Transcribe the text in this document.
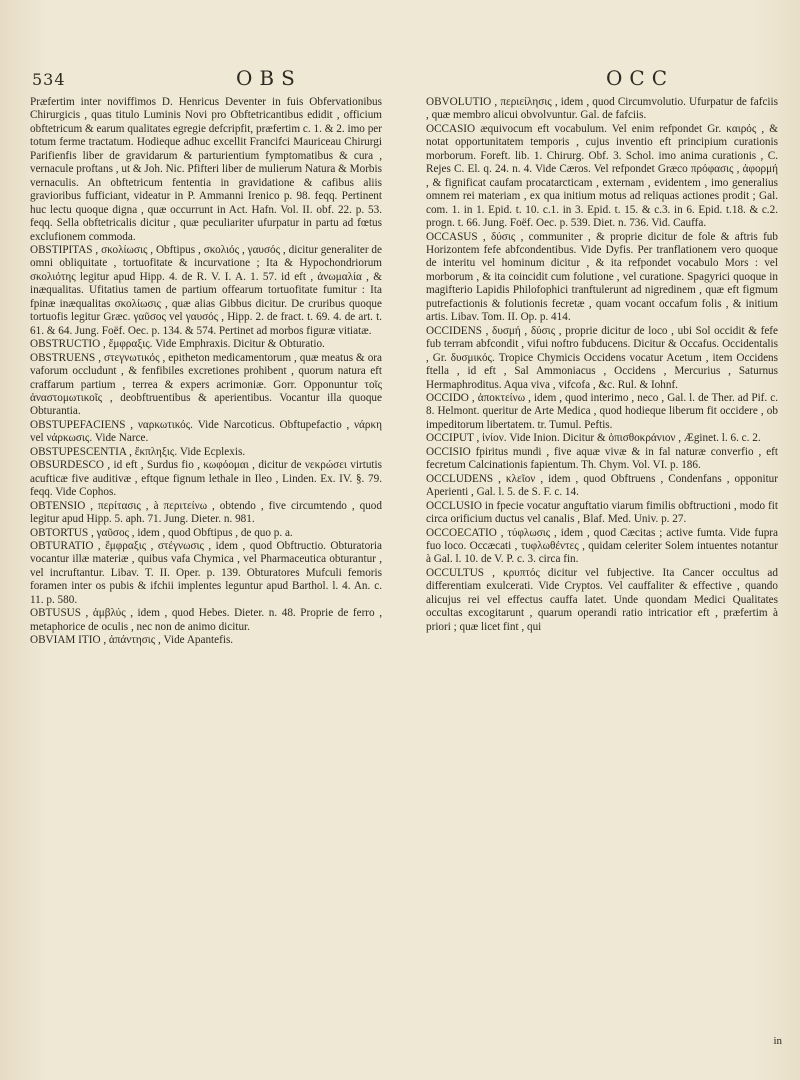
534	OBS	OCC

Præfertim inter noviffimos D. Henricus Deventer in fuis Obfervationibus Chirurgicis , quas titulo Luminis Novi pro Obftetricantibus edidit , officium obftetricum & earum qualitates egregie defcripfit, præfertim c. 1. & 2. imo per totum ferme tractatum. Hodieque adhuc excellit Francifci Mauriceau Chirurgi Parifienfis liber de gravidarum & parturientium fymptomatibus & cura , vernacule proftans , ut & Joh. Nic. Pfifteri liber de mulierum Natura & Morbis vernaculis. An obftetricum fententia in gravidatione & cafibus aliis gravioribus fufficiant, videatur in P. Ammanni Irenico p. 98. feqq. Pertinent huc lectu quoque digna , quæ occurrunt in Act. Hafn. Vol. II. obf. 22. p. 53. feqq. Sella obftetricalis dicitur , quæ peculiariter ufurpatur in partu ad fœtus exclufionem commoda.

OBSTIPITAS , σκολίωσις , Obftipus , σκολιός , γαυσός , dicitur generaliter de omni obliquitate , tortuofitate & incurvatione ; Ita & Hypochondriorum σκολιότης legitur apud Hipp. 4. de R. V. I. A. 1. 57. id eft , ἀνωμαλία , & inæqualitas. Ufitatius tamen de partium offearum tortuofitate fumitur : Ita fpinæ inæqualitas σκολίωσις , quæ alias Gibbus dicitur. De cruribus quoque tortuofis legitur Græc. γαῦσος vel γαυσός , Hipp. 2. de fract. t. 69. 4. de art. t. 61. & 64. Jung. Foëf. Oec. p. 134. & 574. Pertinet ad morbos figuræ vitiatæ.

OBSTRUCTIO , ἔμφραξις. Vide Emphraxis. Dicitur & Obturatio.

OBSTRUENS , στεγνωτικός , epitheton medicamentorum , quæ meatus & ora vaforum occludunt , & fenfibiles excretiones prohibent , quorum natura eft craffarum partium , terrea & expers acrimoniæ. Gorr. Opponuntur τοῖς ἀναστομωτικοῖς , deobftruentibus & aperientibus. Vocantur illa quoque Obturantia.

OBSTUPEFACIENS , ναρκωτικός. Vide Narcoticus. Obftupefactio , νάρκη vel νάρκωσις. Vide Narce.

OBSTUPESCENTIA , ἔκπληξις. Vide Ecplexis.

OBSURDESCO , id eft , Surdus fio , κωφόομαι , dicitur de νεκρώσει virtutis acufticæ five auditivæ , eftque fignum lethale in Ileo , Linden. Ex. IV. §. 79. feqq. Vide Cophos.

OBTENSIO , περίτασις , à περιτείνω , obtendo , five circumtendo , quod legitur apud Hipp. 5. aph. 71. Jung. Dieter. n. 981.

OBTORTUS , γαῦσος , idem , quod Obftipus , de quo p. a.

OBTURATIO , ἔμφραξις , στέγνωσις , idem , quod Obftructio. Obturatoria vocantur illæ materiæ , quibus vafa Chymica , vel Pharmaceutica obturantur , vel incruftantur. Libav. T. II. Oper. p. 139. Obturatores Mufculi femoris foramen inter os pubis & ifchii implentes leguntur apud Barthol. l. 4. An. c. 11. p. 580.

OBTUSUS , ἀμβλύς , idem , quod Hebes. Dieter. n. 48. Proprie de ferro , metaphorice de oculis , nec non de animo dicitur.

OBVIAM ITIO , ἀπάντησις , Vide Apantefis.

OBVOLUTIO , περιείλησις , idem , quod Circumvolutio. Ufurpatur de fafciis , quæ membro alicui obvolvuntur. Gal. de fafciis.

OCCASIO æquivocum eft vocabulum. Vel enim refpondet Gr. καιρός , & notat opportunitatem temporis , cujus inventio eft principium curationis morborum. Foreft. lib. 1. Chirurg. Obf. 3. Schol. imo anima curationis , C. Rejes C. El. q. 24. n. 4. Vide Cæros. Vel refpondet Græco πρόφασις , ἀφορμή , & fignificat caufam procatarcticam , externam , evidentem , imo generalius omnem rei materiam , ex qua initium motus ad reliquas actiones prodit ; Gal. com. 1. in 1. Epid. t. 10. c.1. in 3. Epid. t. 15. & c.3. in 6. Epid. t.18. & c.2. progn. t. 66. Jung. Foëf. Oec. p. 539. Diet. n. 736. Vid. Cauffa.

OCCASUS , δύσις , communiter , & proprie dicitur de fole & aftris fub Horizontem fefe abfcondentibus. Vide Dyfis. Per tranflationem vero quoque de interitu vel hominum dicitur , & ita refpondet vocabulo Mors : vel morborum , & ita coincidit cum folutione , vel curatione. Spagyrici quoque in magifterio Lapidis Philofophici tranftulerunt ad nigredinem , quæ eft figmum putrefactionis & folutionis fecretæ , quam vocant occafum folis , & initium artis. Libav. Tom. II. Op. p. 414.

OCCIDENS , δυσμή , δύσις , proprie dicitur de loco , ubi Sol occidit & fefe fub terram abfcondit , vifui noftro fubducens. Dicitur & Occafus. Occidentalis , Gr. δυσμικός. Tropice Chymicis Occidens vocatur Acetum , item Occidens ftella , id eft , Sal Ammoniacus , Occidens , Mercurius , Saturnus Hermaphroditus. Aqua viva , vifcofa , &c. Rul. & Iohnf.

OCCIDO , ἀποκτείνω , idem , quod interimo , neco , Gal. l. de Ther. ad Pif. c. 8. Helmont. queritur de Arte Medica , quod hodieque liberum fit occidere , ob impeditorum libertatem. tr. Tumul. Peftis.

OCCIPUT , ἰνίον. Vide Inion. Dicitur & ὀπισθοκράνιον , Æginet. l. 6. c. 2.

OCCISIO fpiritus mundi , five aquæ vivæ & in fal naturæ converfio , eft fecretum Calcinationis fapientum. Th. Chym. Vol. VI. p. 186.

OCCLUDENS , κλεῖον , idem , quod Obftruens , Condenfans , opponitur Aperienti , Gal. l. 5. de S. F. c. 14.

OCCLUSIO in fpecie vocatur anguftatio viarum fimilis obftructioni , modo fit circa orificium ductus vel canalis , Blaf. Med. Univ. p. 27.

OCCOECATIO , τύφλωσις , idem , quod Cæcitas ; active fumta. Vide fupra fuo loco. Occæcati , τυφλωθέντες , quidam celeriter Solem intuentes notantur à Gal. l. 10. de V. P. c. 3. circa fin.

OCCULTUS , κρυπτός dicitur vel fubjective. Ita Cancer occultus ad differentiam exulcerati. Vide Cryptos. Vel cauffaliter & effective , quando alicujus rei vel effectus cauffa latet. Unde quondam Medici Qualitates occultas excogitarunt , quarum operandi ratio intricatior eft , præfertim à priori ; quæ licet fint , qui

in
